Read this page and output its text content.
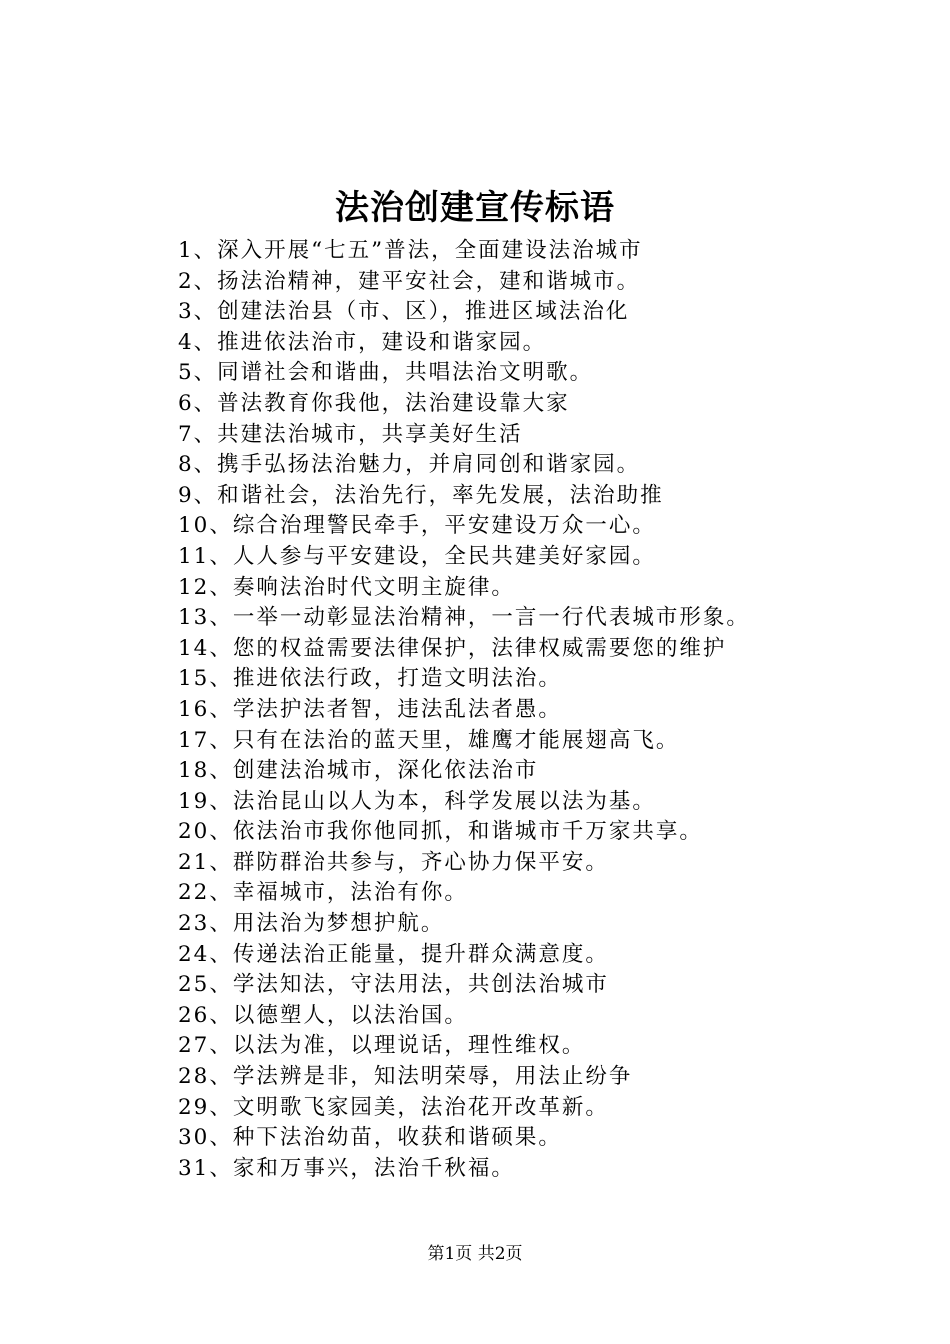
法治创建宣传标语
1、深入开展“七五”普法，全面建设法治城市
2、扬法治精神，建平安社会，建和谐城市。
3、创建法治县（市、区），推进区域法治化
4、推进依法治市，建设和谐家园。
5、同谱社会和谐曲，共唱法治文明歌。
6、普法教育你我他，法治建设靠大家
7、共建法治城市，共享美好生活
8、携手弘扬法治魅力，并肩同创和谐家园。
9、和谐社会，法治先行，率先发展，法治助推
10、综合治理警民牵手，平安建设万众一心。
11、人人参与平安建设，全民共建美好家园。
12、奏响法治时代文明主旋律。
13、一举一动彰显法治精神，一言一行代表城市形象。
14、您的权益需要法律保护，法律权威需要您的维护
15、推进依法行政，打造文明法治。
16、学法护法者智，违法乱法者愚。
17、只有在法治的蓝天里，雄鹰才能展翅高飞。
18、创建法治城市，深化依法治市
19、法治昆山以人为本，科学发展以法为基。
20、依法治市我你他同抓，和谐城市千万家共享。
21、群防群治共参与，齐心协力保平安。
22、幸福城市，法治有你。
23、用法治为梦想护航。
24、传递法治正能量，提升群众满意度。
25、学法知法，守法用法，共创法治城市
26、以德塑人，以法治国。
27、以法为准，以理说话，理性维权。
28、学法辨是非，知法明荣辱，用法止纷争
29、文明歌飞家园美，法治花开改革新。
30、种下法治幼苗，收获和谐硕果。
31、家和万事兴，法治千秋福。
第1页 共2页
